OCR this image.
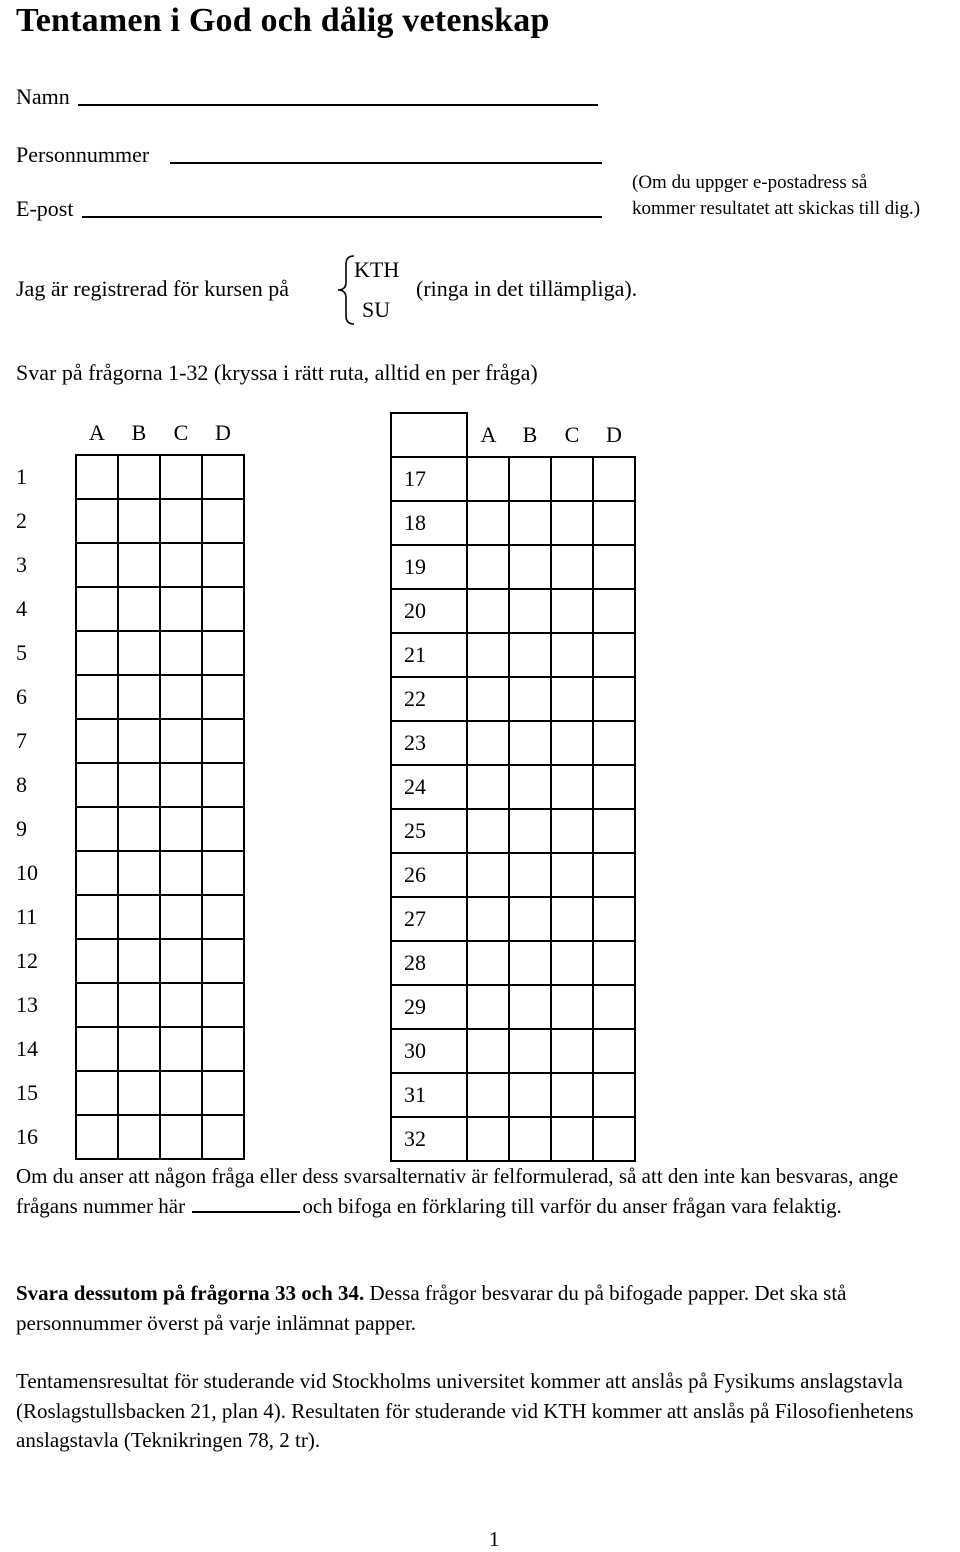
Tentamen i God och dålig vetenskap
Namn
Personnummer
E-post
(Om du uppger e-postadress så
kommer resultatet att skickas till dig.)
Jag är registrerad för kursen på
KTH
SU
(ringa in det tillämpliga).
Svar på frågorna 1-32 (kryssa i rätt ruta, alltid en per fråga)
	A	B	C	D
1				
2				
3				
4				
5				
6				
7				
8				
9				
10				
11				
12				
13				
14				
15				
16				
	A	B	C	D
17				
18				
19				
20				
21				
22				
23				
24				
25				
26				
27				
28				
29				
30				
31				
32				
Om du anser att någon fråga eller dess svarsalternativ är felformulerad, så att den inte kan besvaras, ange frågans nummer här	och bifoga en förklaring till varför du anser frågan vara felaktig.
Svara dessutom på frågorna 33 och 34. Dessa frågor besvarar du på bifogade papper. Det ska stå personnummer överst på varje inlämnat papper.
Tentamensresultat för studerande vid Stockholms universitet kommer att anslås på Fysikums anslagstavla (Roslagstullsbacken 21, plan 4). Resultaten för studerande vid KTH kommer att anslås på Filosofienhetens anslagstavla (Teknikringen 78, 2 tr).
1
